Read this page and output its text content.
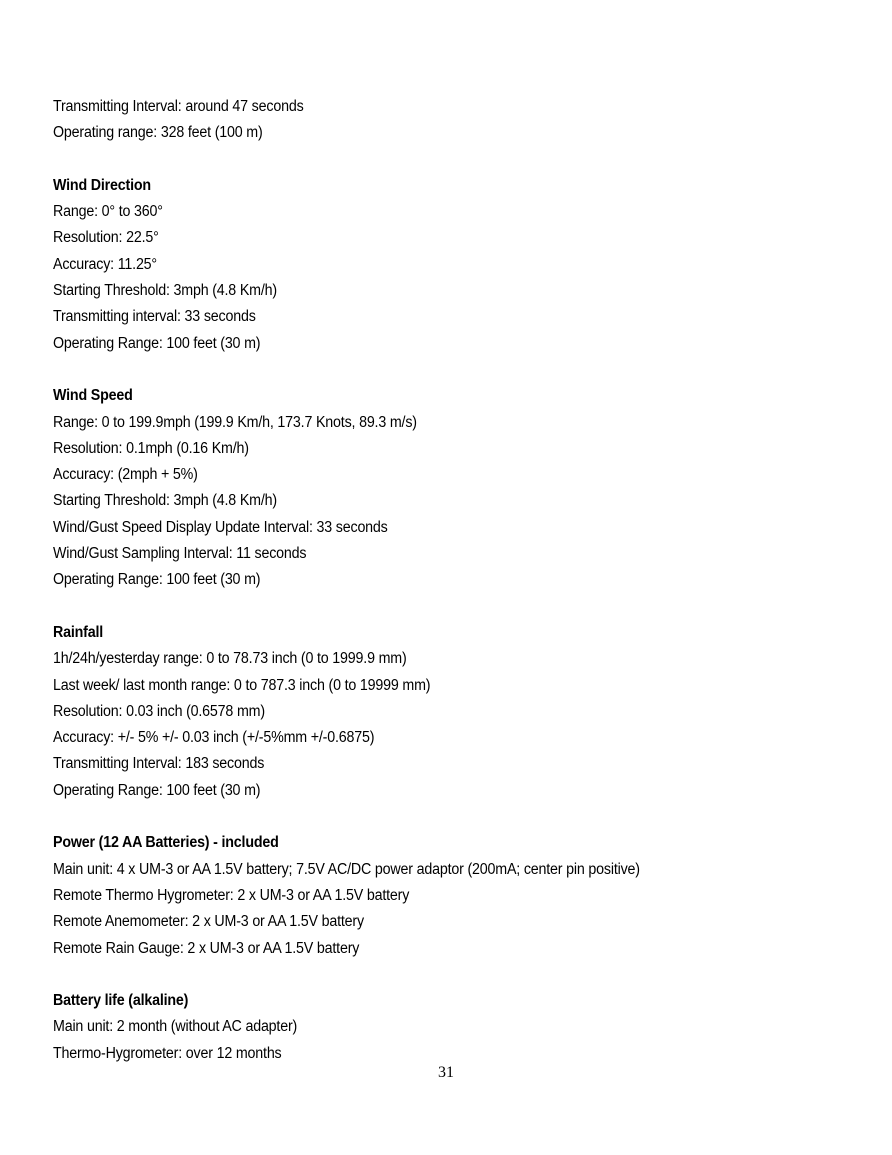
Transmitting Interval: around 47 seconds
Operating range: 328 feet (100 m)
Wind Direction
Range: 0° to 360°
Resolution: 22.5°
Accuracy: 11.25°
Starting Threshold: 3mph (4.8 Km/h)
Transmitting interval: 33 seconds
Operating Range: 100 feet (30 m)
Wind Speed
Range: 0 to 199.9mph (199.9 Km/h, 173.7 Knots, 89.3 m/s)
Resolution: 0.1mph (0.16 Km/h)
Accuracy: (2mph + 5%)
Starting Threshold: 3mph (4.8 Km/h)
Wind/Gust Speed Display Update Interval: 33 seconds
Wind/Gust Sampling Interval: 11 seconds
Operating Range: 100 feet (30 m)
Rainfall
1h/24h/yesterday range: 0 to 78.73 inch (0 to 1999.9 mm)
Last week/ last month range: 0 to 787.3 inch (0 to 19999 mm)
Resolution: 0.03 inch (0.6578 mm)
Accuracy: +/- 5% +/- 0.03 inch (+/-5%mm +/-0.6875)
Transmitting Interval: 183 seconds
Operating Range: 100 feet (30 m)
Power (12 AA Batteries) - included
Main unit: 4 x UM-3 or AA 1.5V battery; 7.5V AC/DC power adaptor (200mA; center pin positive)
Remote Thermo Hygrometer: 2 x UM-3 or AA 1.5V battery
Remote Anemometer: 2 x UM-3 or AA 1.5V battery
Remote Rain Gauge: 2 x UM-3 or AA 1.5V battery
Battery life (alkaline)
Main unit: 2 month (without AC adapter)
Thermo-Hygrometer: over 12 months
31
